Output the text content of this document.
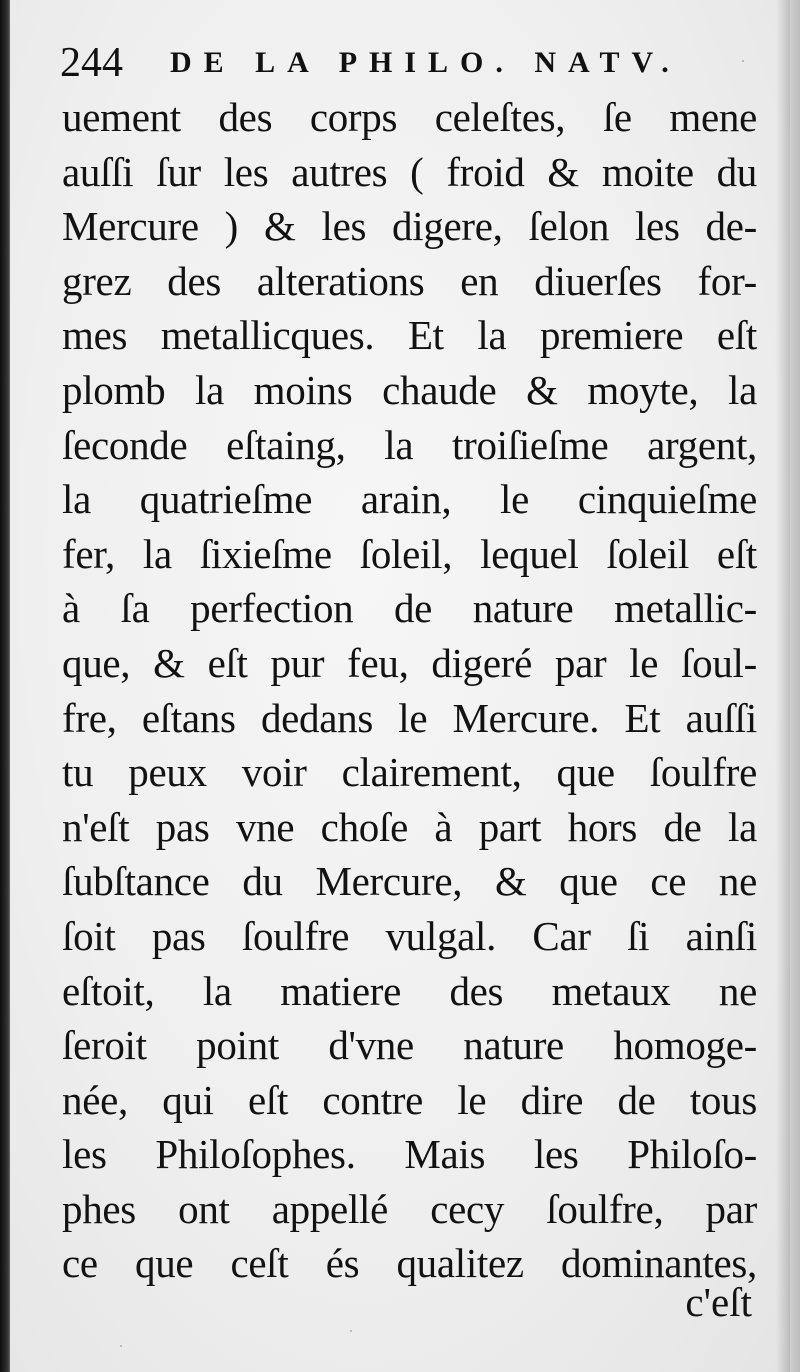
244 DE LA PHILO. NATV.
uement des corps celeſtes, ſe mene
auſſi ſur les autres ( froid & moite du
Mercure ) & les digere, ſelon les de-
grez des alterations en diuerſes for-
mes metallicques. Et la premiere eſt
plomb la moins chaude & moyte, la
ſeconde eſtaing, la troiſieſme argent,
la quatrieſme arain, le cinquieſme
fer, la ſixieſme ſoleil, lequel ſoleil eſt
à ſa perfection de nature metallic-
que, & eſt pur feu, digeré par le ſoul-
fre, eſtans dedans le Mercure. Et auſſi
tu peux voir clairement, que ſoulfre
n'eſt pas vne choſe à part hors de la
ſubſtance du Mercure, & que ce ne
ſoit pas ſoulfre vulgal. Car ſi ainſi
eſtoit, la matiere des metaux ne
ſeroit point d'vne nature homoge-
née, qui eſt contre le dire de tous
les Philoſophes. Mais les Philoſo-
phes ont appellé cecy ſoulfre, par
ce que ceſt és qualitez dominantes,
c'eſt
